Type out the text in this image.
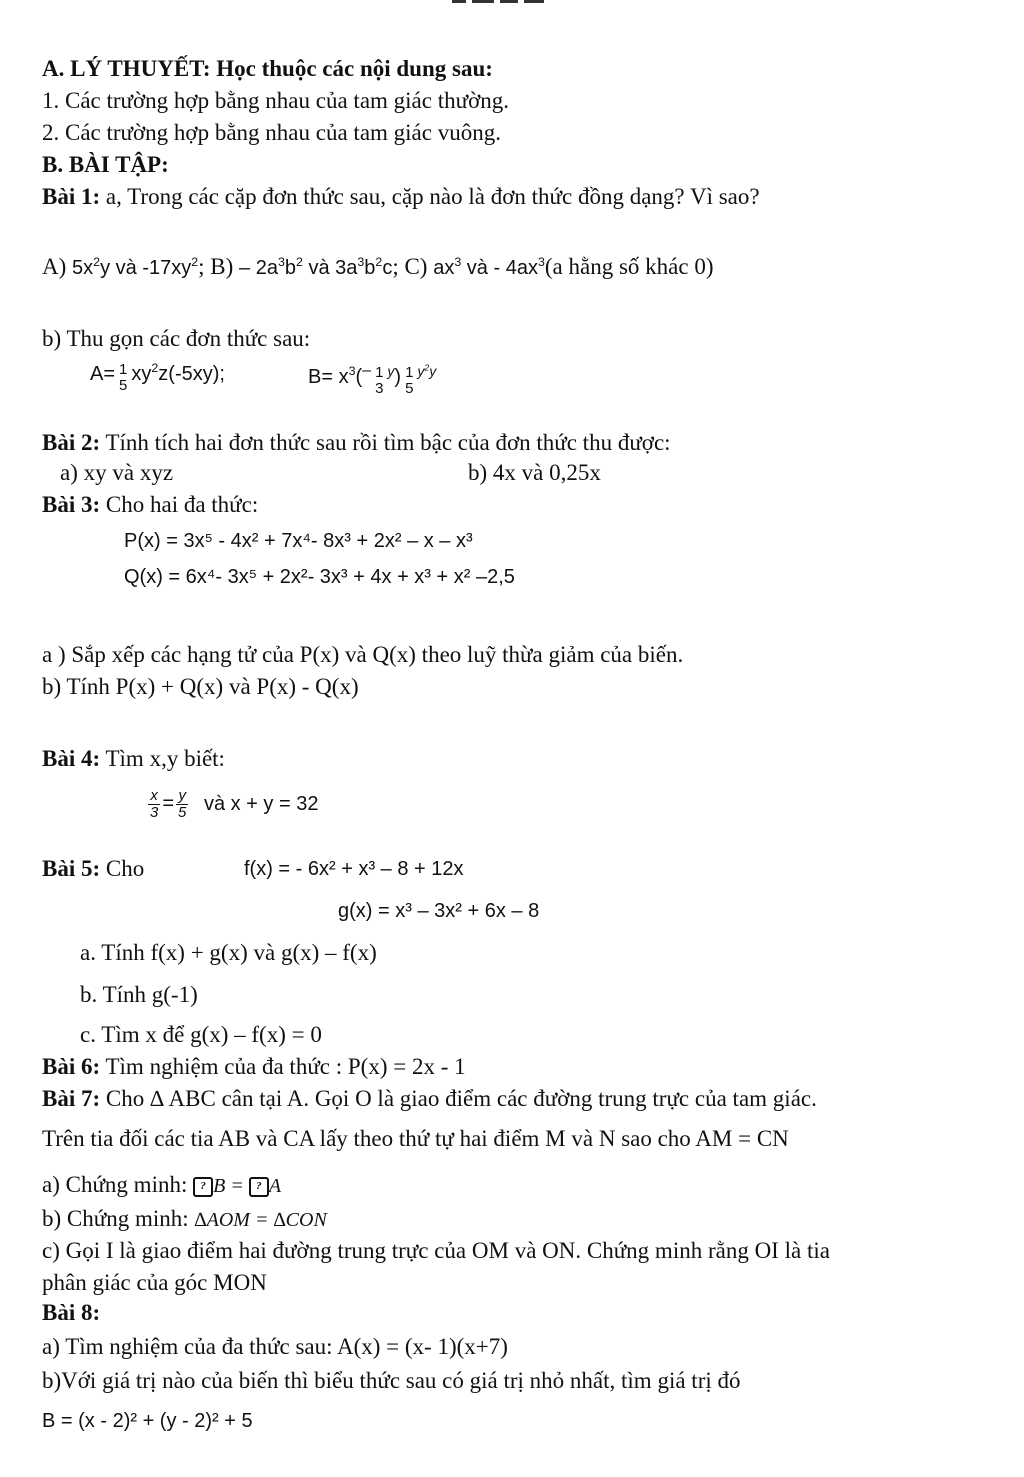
A. LÝ THUYẾT: Học thuộc các nội dung sau:
1. Các trường hợp bằng nhau của tam giác thường.
2. Các trường hợp bằng nhau của tam giác vuông.
B. BÀI TẬP:
Bài 1: a, Trong các cặp đơn thức sau, cặp nào là đơn thức đồng dạng? Vì sao?
A) $5x^2y$ và $-17xy^2$; $B) - 2a^3b^2$ và $3a^3b^2c$; C) $ax^3$ và - $4ax^3(a$ hằng số khác 0)
b) Thu gọn các đơn thức sau:
A= 1
5
$xy^2z(-5xy)$;	$B= x^3(^-$ 1
3
$^y$) 1
5
$^{y^2y}$
Bài 2: Tính tích hai đơn thức sau rồi tìm bậc của đơn thức thu được:
a) xy và xyz	b) 4x và 0,25x
Bài 3: Cho hai đa thức:
P(x) = 3x⁵ - 4x² + 7x⁴- 8x³ + 2x² – x – x³
Q(x) = 6x⁴- 3x⁵ + 2x²- 3x³ + 4x + x³ + x² –2,5
a ) Sắp xếp các hạng tử của P(x) và Q(x) theo luỹ thừa giảm của biến.
b) Tính P(x) + Q(x) và P(x) - Q(x)
Bài 4: Tìm x,y biết:
$\frac{x}{3} = \frac{y}{5}$ và x + y = 32
Bài 5: Cho	f(x) = - 6x² + x³ – 8 + 12x
g(x) = x³ – 3x² + 6x – 8
a. Tính f(x) + g(x) và g(x) – f(x)
b. Tính g(-1)
c. Tìm x để g(x) – f(x) = 0
Bài 6: Tìm nghiệm của đa thức : P(x) = 2x - 1
Bài 7: Cho ∆ ABC cân tại A. Gọi O là giao điểm các đường trung trực của tam giác.
Trên tia đối các tia AB và CA lấy theo thứ tự hai điểm M và N sao cho AM = CN
a) Chứng minh: ? B = ? A
b) Chứng minh: ∆AOM = ∆CON
c) Gọi I là giao điểm hai đường trung trực của OM và ON. Chứng minh rằng OI là tia
phân giác của góc MON
Bài 8:
a) Tìm nghiệm của đa thức sau: A(x) = (x- 1)(x+7)
b)Với giá trị nào của biến thì biểu thức sau có giá trị nhỏ nhất, tìm giá trị đó
B = (x - 2)² + (y - 2)² + 5
